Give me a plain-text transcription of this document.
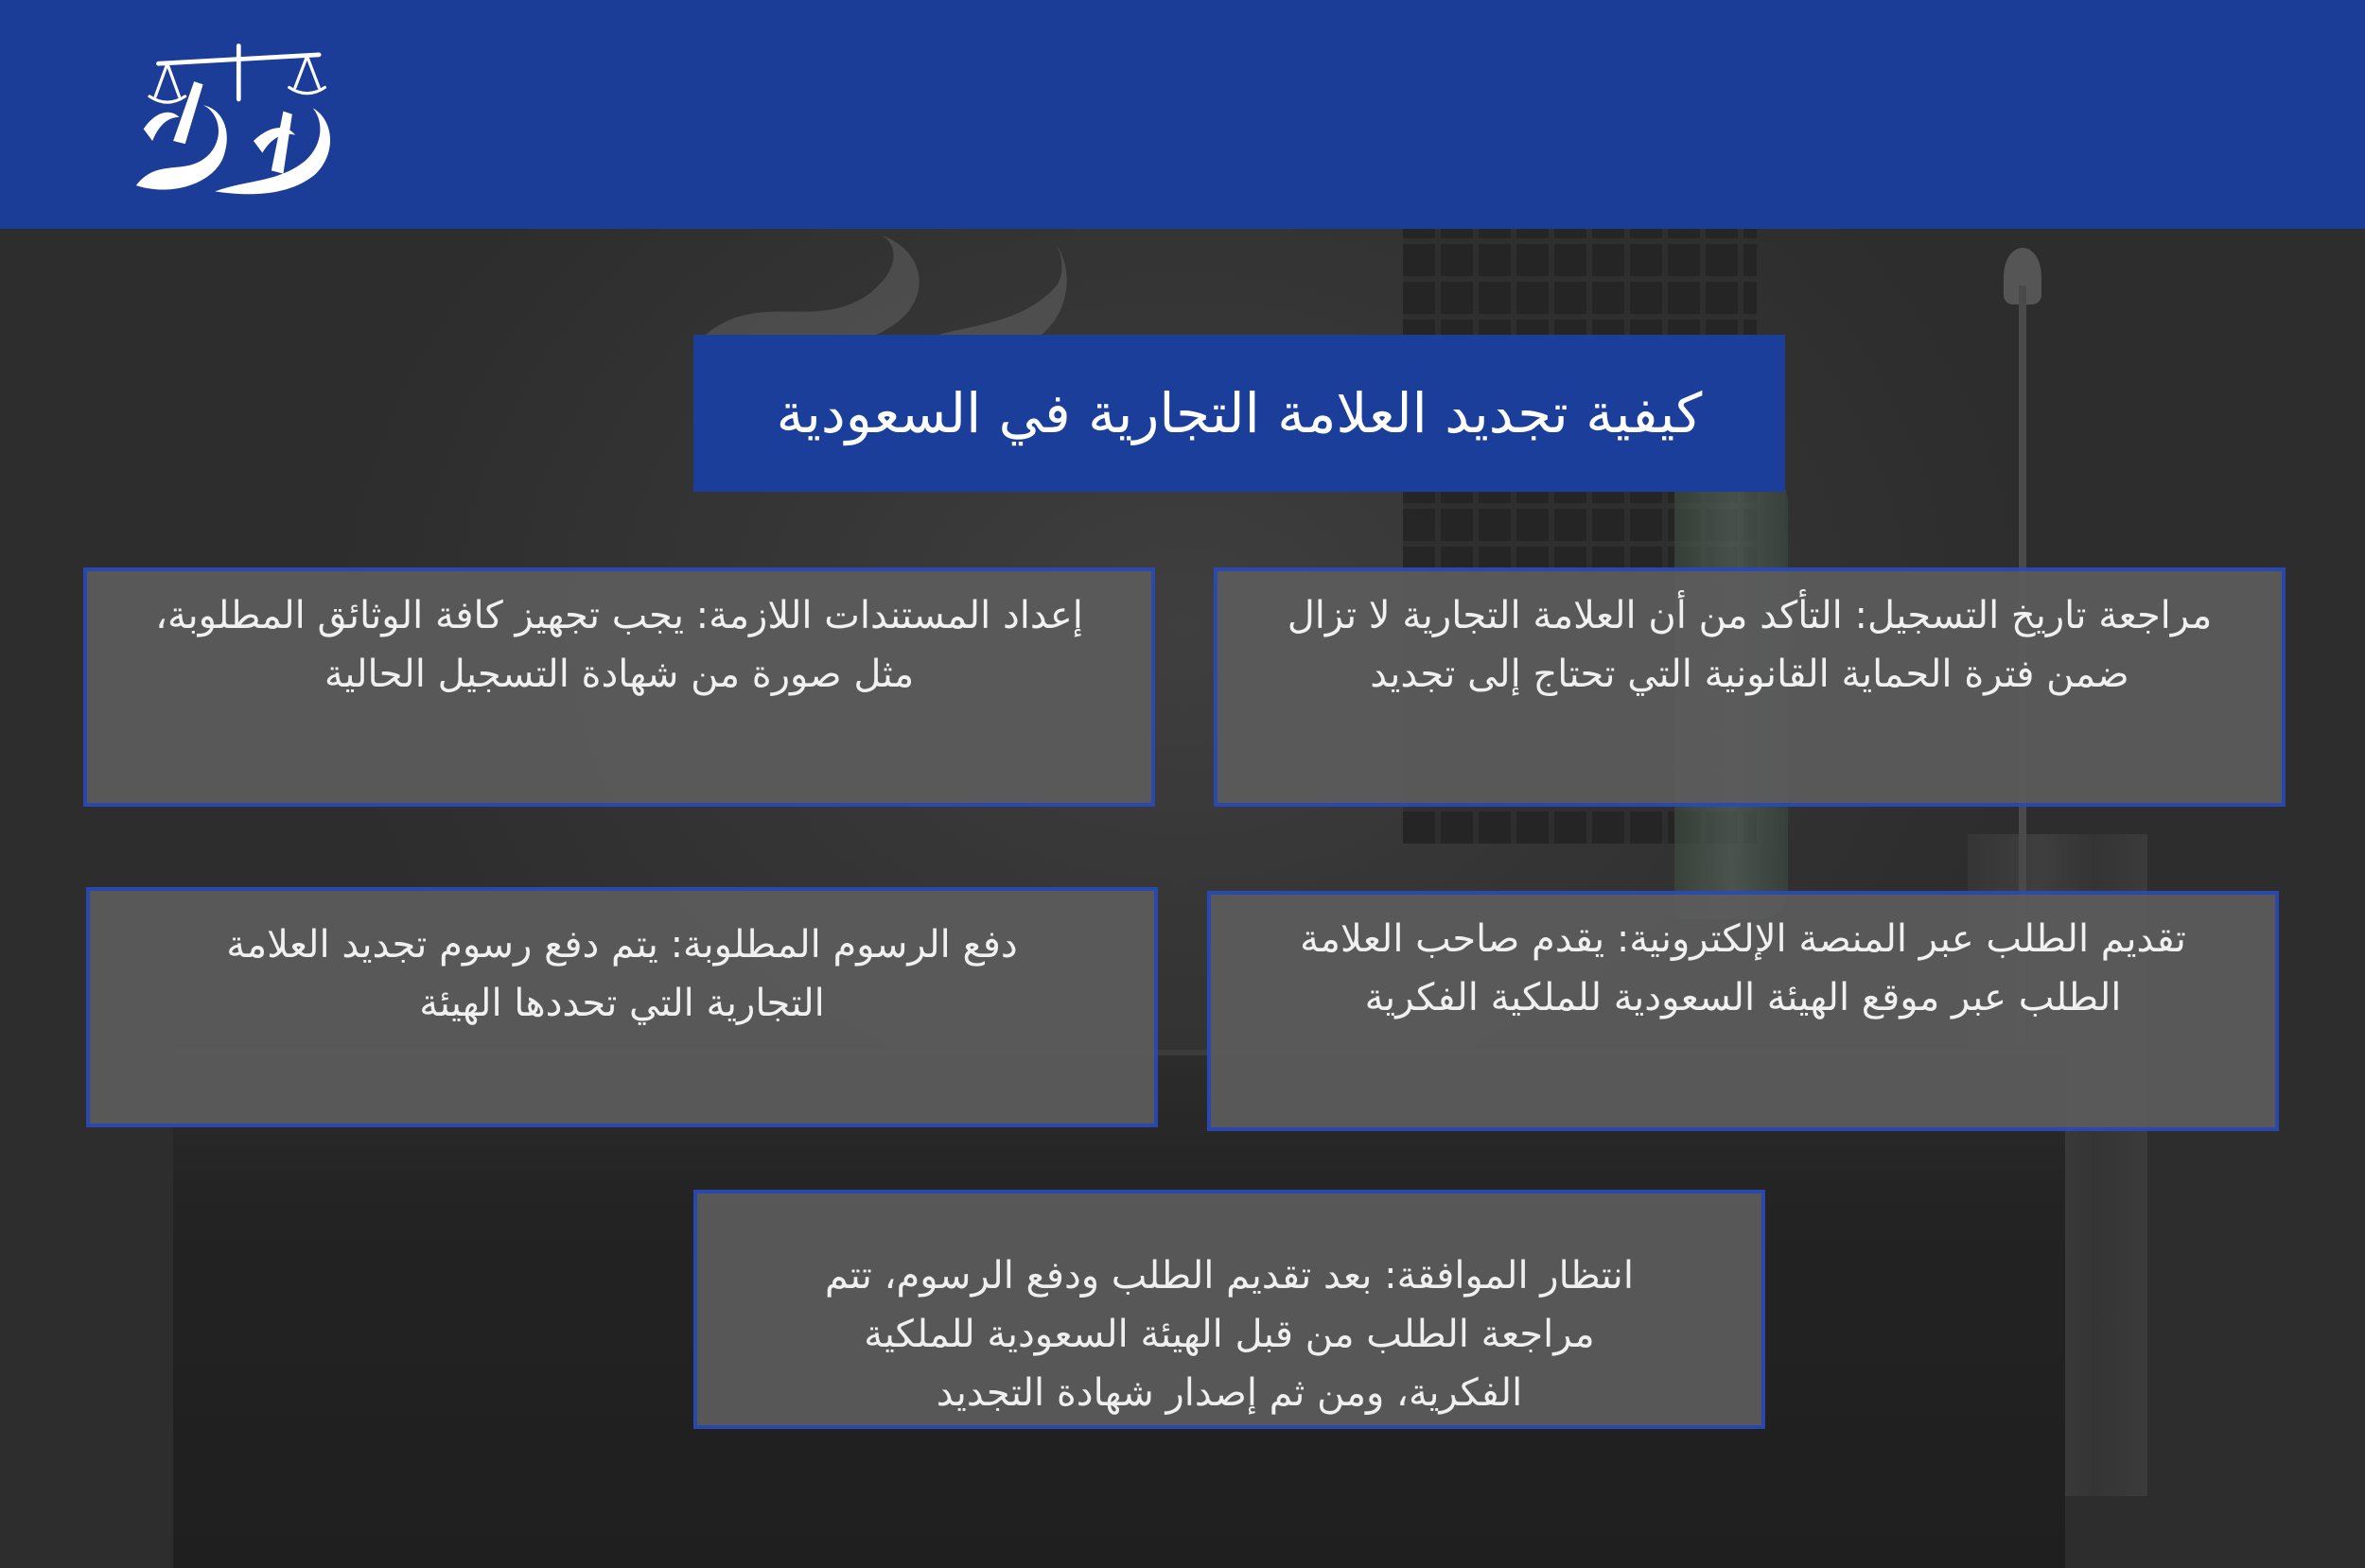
كيفية تجديد العلامة التجارية في السعودية
مراجعة تاريخ التسجيل: التأكد من أن العلامة التجارية لا تزال
ضمن فترة الحماية القانونية التي تحتاج إلى تجديد
إعداد المستندات اللازمة: يجب تجهيز كافة الوثائق المطلوبة،
مثل صورة من شهادة التسجيل الحالية
تقديم الطلب عبر المنصة الإلكترونية: يقدم صاحب العلامة
الطلب عبر موقع الهيئة السعودية للملكية الفكرية
دفع الرسوم المطلوبة: يتم دفع رسوم تجديد العلامة
التجارية التي تحددها الهيئة
انتظار الموافقة: بعد تقديم الطلب ودفع الرسوم، تتم
مراجعة الطلب من قبل الهيئة السعودية للملكية
الفكرية، ومن ثم إصدار شهادة التجديد
